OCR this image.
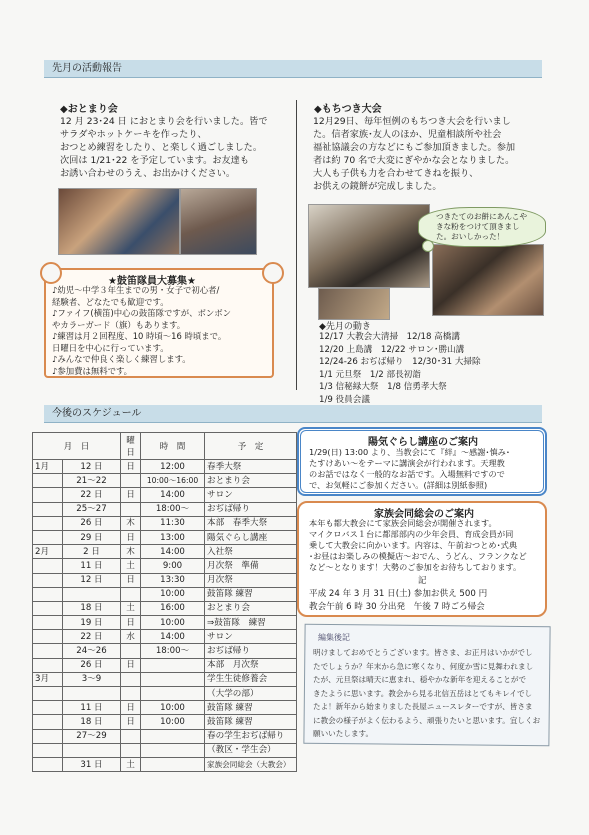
先月の活動報告
◆おとまり会
12 月 23･24 日 におとまり会を行いました。皆で
サラダやホットケーキを作ったり、
おつとめ練習をしたり、と楽しく過ごしました。
次回は 1/21･22 を予定しています。お友達も
お誘い合わせのうえ、お出かけください。
★鼓笛隊員大募集★
♪幼児～中学３年生までの男・女子で初心者/
経験者、どなたでも歓迎です。
♪ファイフ(横笛)中心の鼓笛隊ですが、ボンボン
やカラーガード（旗）もあります。
♪練習は月２回程度、10 時頃～16 時頃まで。
日曜日を中心に行っています。
♪みんなで仲良く楽しく練習します。
♪参加費は無料です。
◆もちつき大会
12月29日、毎年恒例のもちつき大会を行いまし
た。信者家族･友人のほか、児童相談所や社会
福祉協議会の方などにもご参加頂きました。参加
者は約 70 名で大変にぎやかな会となりました。
大人も子供も力を合わせてきねを振り、
お供えの鏡餅が完成しました。
つきたてのお餅にあんこやきな粉をつけて頂きました。おいしかった！
◆先月の動き
12/17 大教会大清掃　12/18 高橋講
12/20 上島講　12/22 サロン･勝山講
12/24-26 おぢば帰り　12/30･31 大掃除
1/1 元旦祭　1/2 部長初詣
1/3 信秘緑大祭　1/8 信勇孝大祭
1/9 役員会議
今後のスケジュール
月　日		曜日	時　間	予　定
1月	12 日	日	12:00	春季大祭
	21～22		10:00～16:00	おとまり会
	22 日	日	14:00	サロン
	25～27		18:00～	おぢば帰り
	26 日	木	11:30	本部　春季大祭
	29 日	日	13:00	陽気ぐらし講座
2月	2 日	木	14:00	入社祭
	11 日	土	9:00	月次祭　準備
	12 日	日	13:30	月次祭
			10:00	鼓笛隊 練習
	18 日	土	16:00	おとまり会
	19 日	日	10:00	⇒鼓笛隊　練習
	22 日	水	14:00	サロン
	24～26		18:00～	おぢば帰り
	26 日	日		本部　月次祭
3月	3～9			学生生徒修養会
				（大学の部）
	11 日	日	10:00	鼓笛隊 練習
	18 日	日	10:00	鼓笛隊 練習
	27～29			春の学生おぢば帰り
				（教区・学生会）
	31 日	土		家族会同総会（大教会）
陽気ぐらし講座のご案内
1/29(日) 13:00 より、当教会にて『絆』～感謝･慎み･
たすけあい～をテーマに講演会が行われます。天理教
のお話ではなく一般的なお話です。入場無料ですので
で、お気軽にご参加ください。(詳細は別紙参照)
家族会同総会のご案内
本年も都大教会にて家族会同総会が開催されます。
マイクロバス１台に都部部内の少年会員、育成会員が同
乗して大教会に向かいます。内容は、午前おつとめ･式典
･お昼はお楽しみの模擬店～おでん、うどん、フランクなど
など～となります！大勢のご参加をお待ちしております。
記
平成 24 年 3 月 31 日(土) 参加お供え 500 円
教会午前 6 時 30 分出発　午後 7 時ごろ帰会
編集後記
明けましておめでとうございます。皆さま、お正月はいかがでし
たでしょうか？年末から急に寒くなり、何度か雪に見舞われまし
たが、元旦祭は晴天に恵まれ、穏やかな新年を迎えることがで
きたように思います。教会から見る北信五岳はとてもキレイでし
たよ！新年から始まりました長屋ニュースレターですが、皆さま
に教会の様子がよく伝わるよう、頑張りたいと思います。宜しくお
願いいたします。
